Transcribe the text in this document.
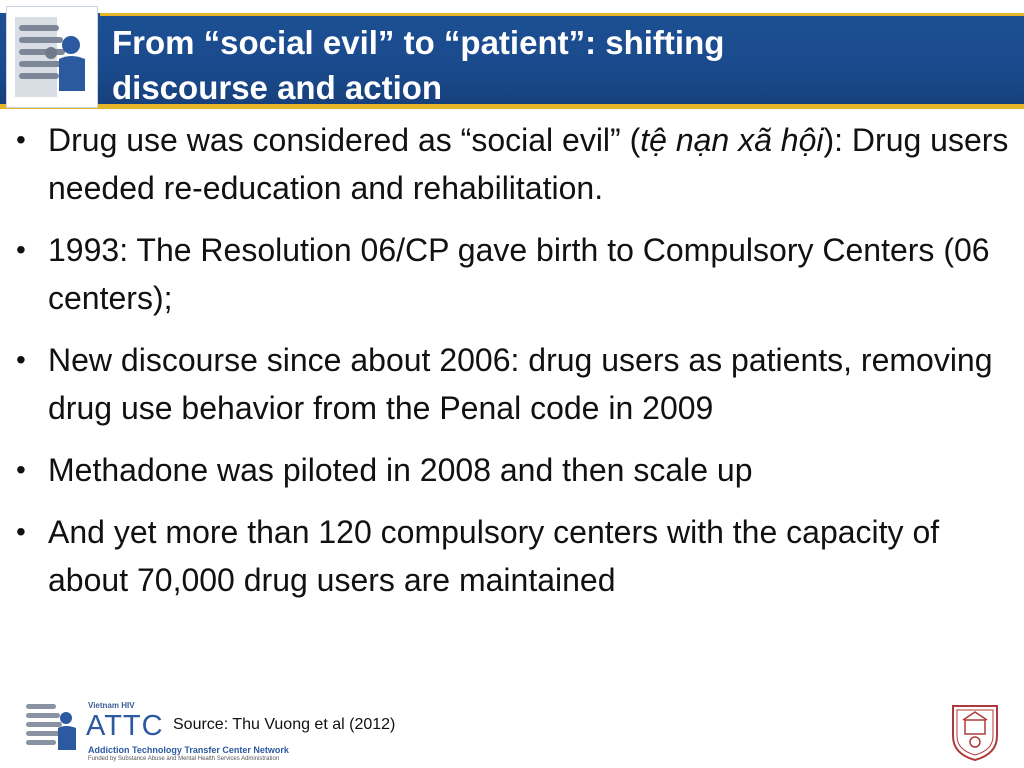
From “social evil” to “patient”: shifting
discourse and action
• Drug use was considered as “social evil” (tệ nạn xã hội): Drug users needed re-education and rehabilitation.
• 1993: The Resolution 06/CP gave birth to Compulsory Centers (06 centers);
• New discourse since about 2006: drug users as patients, removing drug use behavior from the Penal code in 2009
• Methadone was piloted in 2008 and then scale up
• And yet more than 120 compulsory centers with the capacity of about 70,000 drug users are maintained
Vietnam HIV
ATTC
Addiction Technology Transfer Center Network
Funded by Substance Abuse and Mental Health Services Administration
Source: Thu Vuong et al (2012)
